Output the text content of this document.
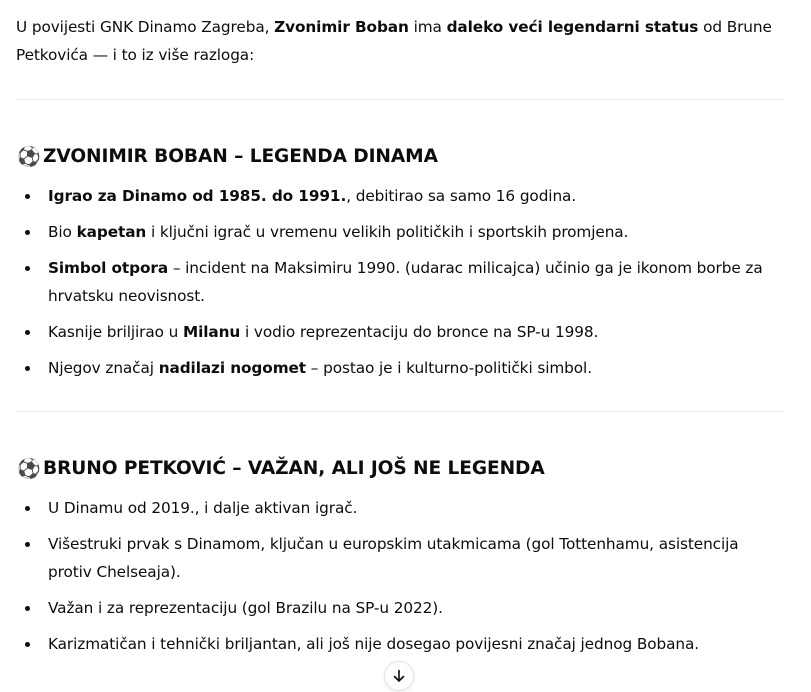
U povijesti GNK Dinamo Zagreba, Zvonimir Boban ima daleko veći legendarni status od Brune Petkovića — i to iz više razloga:

⚽ ZVONIMIR BOBAN – LEGENDA DINAMA
Igrao za Dinamo od 1985. do 1991., debitirao sa samo 16 godina.
Bio kapetan i ključni igrač u vremenu velikih političkih i sportskih promjena.
Simbol otpora – incident na Maksimiru 1990. (udarac milicajca) učinio ga je ikonom borbe za hrvatsku neovisnost.
Kasnije briljirao u Milanu i vodio reprezentaciju do bronce na SP-u 1998.
Njegov značaj nadilazi nogomet – postao je i kulturno-politički simbol.
⚽ BRUNO PETKOVIĆ – VAŽAN, ALI JOŠ NE LEGENDA
U Dinamu od 2019., i dalje aktivan igrač.
Višestruki prvak s Dinamom, ključan u europskim utakmicama (gol Tottenhamu, asistencija protiv Chelseaja).
Važan i za reprezentaciju (gol Brazilu na SP-u 2022).
Karizmatičan i tehnički briljantan, ali još nije dosegao povijesni značaj jednog Bobana.
